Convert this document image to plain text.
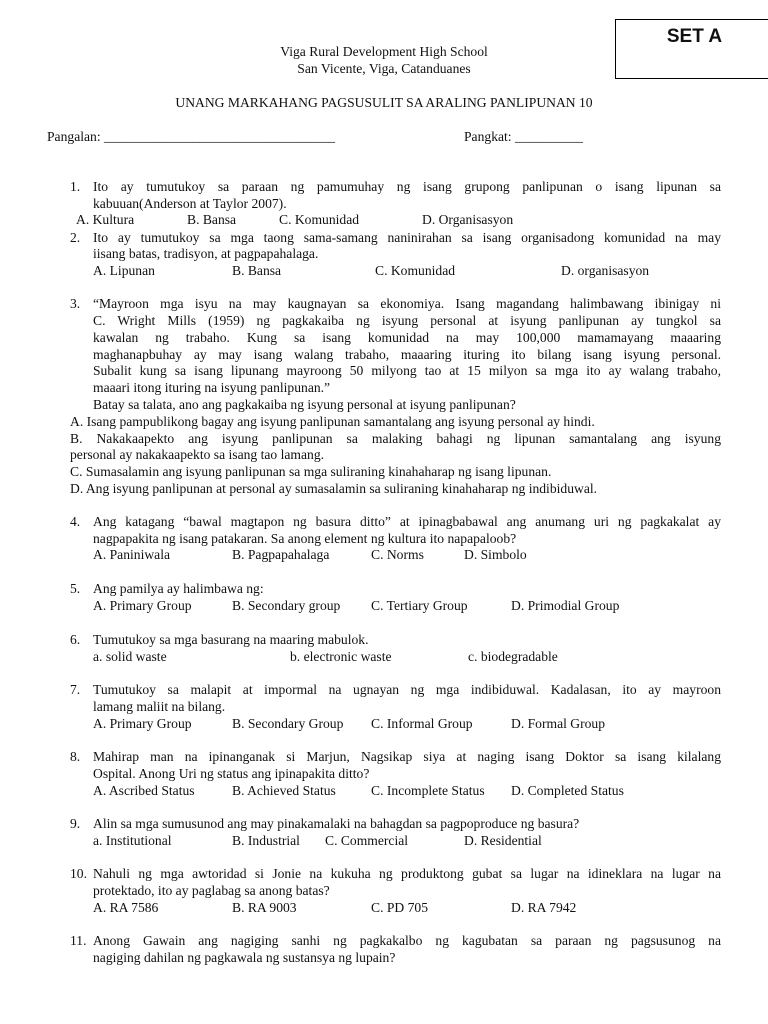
SET A
Viga Rural Development High School
San Vicente, Viga, Catanduanes
UNANG MARKAHANG PAGSUSULIT SA ARALING PANLIPUNAN 10
Pangalan: __________________________________	Pangkat: __________
1. Ito ay tumutukoy sa paraan ng pamumuhay ng isang grupong panlipunan o isang lipunan sa
kabuuan(Anderson at Taylor 2007).
A. Kultura	B. Bansa	C. Komunidad	D. Organisasyon
2. Ito ay tumutukoy sa mga taong sama-samang naninirahan sa isang organisadong komunidad na may
iisang batas, tradisyon, at pagpapahalaga.
A. Lipunan	B. Bansa	C. Komunidad	D. organisasyon
3. “Mayroon mga isyu na may kaugnayan sa ekonomiya. Isang magandang halimbawang ibinigay ni
C. Wright Mills (1959) ng pagkakaiba ng isyung personal at isyung panlipunan ay tungkol sa
kawalan ng trabaho. Kung sa isang komunidad na may 100,000 mamamayang maaaring
maghanapbuhay ay may isang walang trabaho, maaaring ituring ito bilang isang isyung personal.
Subalit kung sa isang lipunang mayroong 50 milyong tao at 15 milyon sa mga ito ay walang trabaho,
maaari itong ituring na isyung panlipunan.”
Batay sa talata, ano ang pagkakaiba ng isyung personal at isyung panlipunan?
A. Isang pampublikong bagay ang isyung panlipunan samantalang ang isyung personal ay hindi.
B. Nakakaapekto ang isyung panlipunan sa malaking bahagi ng lipunan samantalang ang isyung
personal ay nakakaapekto sa isang tao lamang.
C. Sumasalamin ang isyung panlipunan sa mga suliraning kinahaharap ng isang lipunan.
D. Ang isyung panlipunan at personal ay sumasalamin sa suliraning kinahaharap ng indibiduwal.
4. Ang katagang “bawal magtapon ng basura ditto” at ipinagbabawal ang anumang uri ng pagkakalat ay
nagpapakita ng isang patakaran. Sa anong element ng kultura ito napapaloob?
A. Paniniwala	B. Pagpapahalaga	C. Norms	D. Simbolo
5. Ang pamilya ay halimbawa ng:
A. Primary Group	B. Secondary group C. Tertiary Group	D. Primodial Group
6. Tumutukoy sa mga basurang na maaring mabulok.
a. solid waste	b. electronic waste	c. biodegradable
7. Tumutukoy sa malapit at impormal na ugnayan ng mga indibiduwal. Kadalasan, ito ay mayroon
lamang maliit na bilang.
A. Primary Group	B. Secondary Group C. Informal Group	D. Formal Group
8. Mahirap man na ipinanganak si Marjun, Nagsikap siya at naging isang Doktor sa isang kilalang
Ospital. Anong Uri ng status ang ipinapakita ditto?
A. Ascribed Status	B. Achieved Status	C. Incomplete Status D. Completed Status
9. Alin sa mga sumusunod ang may pinakamalaki na bahagdan sa pagpoproduce ng basura?
a. Institutional	B. Industrial C. Commercial	D. Residential
10. Nahuli ng mga awtoridad si Jonie na kukuha ng produktong gubat sa lugar na idineklara na lugar na
protektado, ito ay paglabag sa anong batas?
A. RA 7586	B. RA 9003	C. PD 705	D. RA 7942
11. Anong Gawain ang nagiging sanhi ng pagkakalbo ng kagubatan sa paraan ng pagsusunog na
nagiging dahilan ng pagkawala ng sustansya ng lupain?
